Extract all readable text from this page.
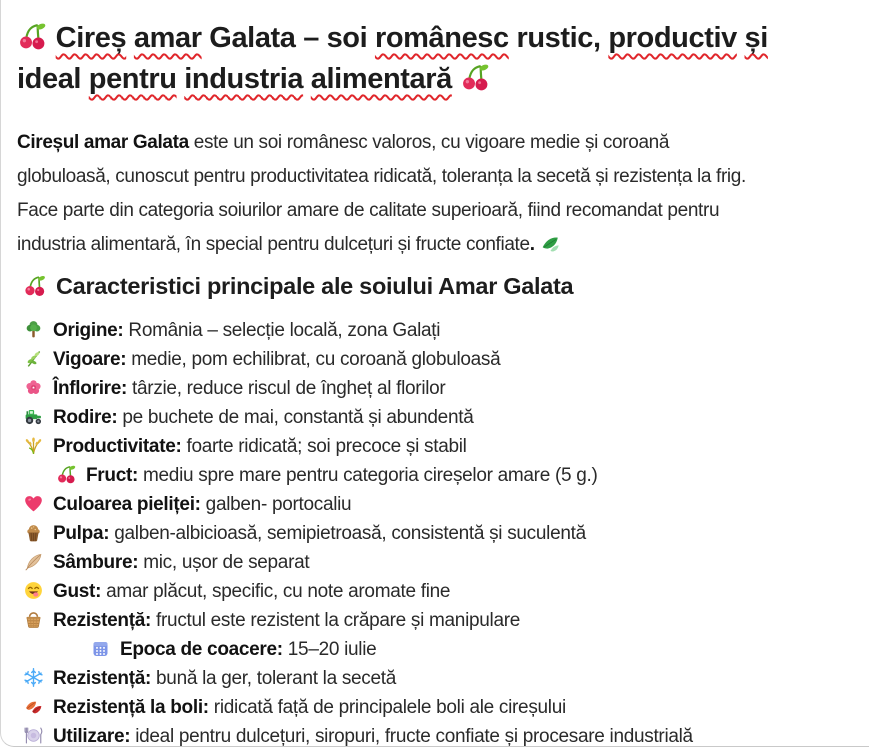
Cireș amar Galata – soi românesc rustic, productiv și
ideal pentru industria alimentară
Cireșul amar Galata este un soi românesc valoros, cu vigoare medie și coroană
globuloasă, cunoscut pentru productivitatea ridicată, toleranța la secetă și rezistența la frig.
Face parte din categoria soiurilor amare de calitate superioară, fiind recomandat pentru
industria alimentară, în special pentru dulcețuri și fructe confiate.
Caracteristici principale ale soiului Amar Galata
Origine: România – selecție locală, zona Galați
Vigoare: medie, pom echilibrat, cu coroană globuloasă
Înflorire: târzie, reduce riscul de îngheț al florilor
Rodire: pe buchete de mai, constantă și abundentă
Productivitate: foarte ridicată; soi precoce și stabil
Fruct: mediu spre mare pentru categoria cireșelor amare (5 g.)
Culoarea pieliței: galben- portocaliu
Pulpa: galben-albicioasă, semipietroasă, consistentă și suculentă
Sâmbure: mic, ușor de separat
Gust: amar plăcut, specific, cu note aromate fine
Rezistență: fructul este rezistent la crăpare și manipulare
Epoca de coacere: 15–20 iulie
Rezistență: bună la ger, tolerant la secetă
Rezistență la boli: ridicată față de principalele boli ale cireșului
Utilizare: ideal pentru dulcețuri, siropuri, fructe confiate și procesare industrială
